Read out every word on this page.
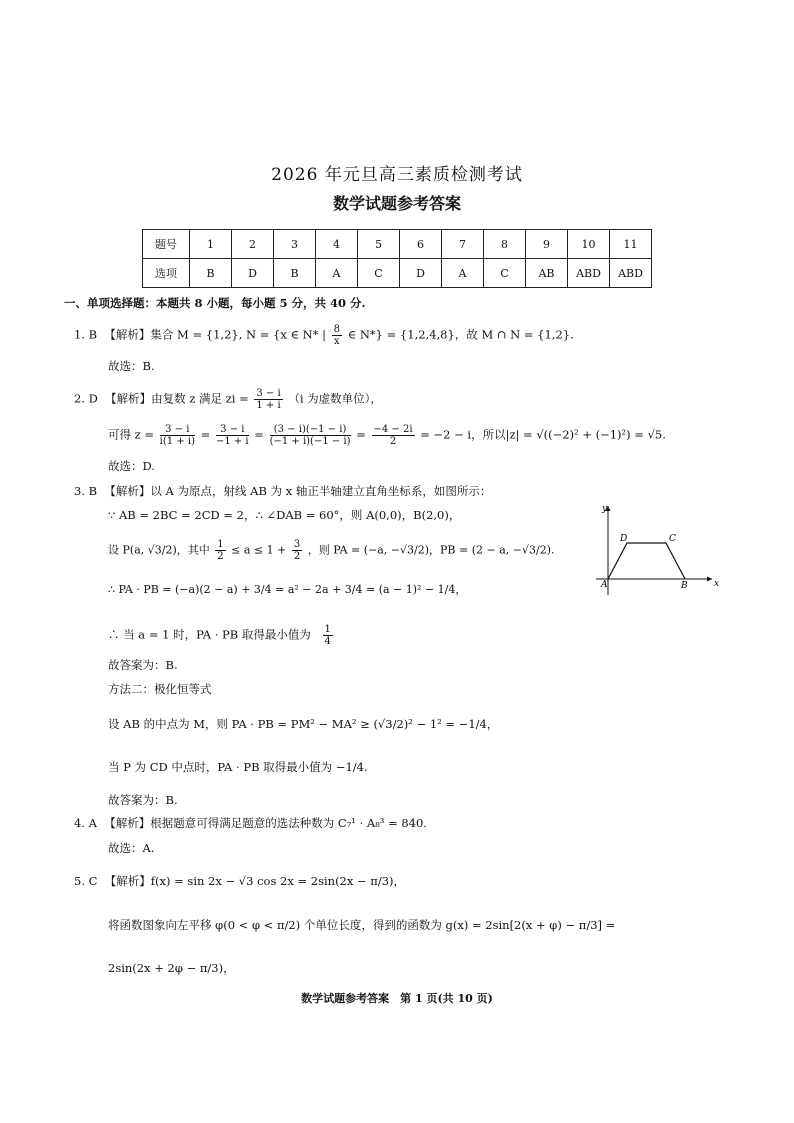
2026 年元旦高三素质检测考试
数学试题参考答案
题号	1	2	3	4	5	6	7	8	9	10	11
选项	B	D	B	A	C	D	A	C	AB	ABD	ABD
一、单项选择题：本题共 8 小题，每小题 5 分，共 40 分.
1. B 【解析】集合 M = {1,2}, N = {x ∈ N* | $\frac{8}{x}$ ∈ N*} = {1,2,4,8}，故 M ∩ N = {1,2}.
故选：B.
2. D 【解析】由复数 z 满足 zi = $\frac{3 - i}{1 + i} (i$ 为虚数单位），
可得 $z = \frac{3 - i}{i(1 + i)} = \frac{3 - i}{-1 + i} = \frac{(3 - i)(-1 - i)}{(-1 + i)(-1 - i)} = \frac{-4 - 2i}{2} = -2 - i$，所以|z| = √((−2)² + (−1)²) = √5.
故选：D.
3. B 【解析】以 A 为原点，射线 AB 为 x 轴正半轴建立直角坐标系，如图所示：
∵ AB = 2BC = 2CD = 2，∴ ∠DAB = 60°，则 A(0,0)，B(2,0)，
设 P(a, √3/2)，其中 $\frac{1}{2} \le a \le 1 + \frac{3}{2}$ ，则 PA = (−a, −√3/2)，PB = (2 − a, −√3/2).
∴ PA · PB = (−a)(2 − a) + 3/4 = a² − 2a + 3/4 = (a − 1)² − 1/4，
∴ 当 a = 1 时，PA · PB 取得最小值为 $\frac{1}{4}$
故答案为：B.
方法二：极化恒等式
设 AB 的中点为 M，则 PA · PB = PM² − MA² ≥ (√3/2)² − 1² = −1/4，
当 P 为 CD 中点时，PA · PB 取得最小值为 −1/4.
故答案为：B.
x
y
A	B
C
D
4. A 【解析】根据题意可得满足题意的选法种数为 C₇¹ · A₈³ = 840.
故选：A.
5. C 【解析】f(x) = sin 2x − √3 cos 2x = 2sin(2x − π/3)，
将函数图象向左平移 φ(0 < φ < π/2) 个单位长度，得到的函数为 g(x) = 2sin[2(x + φ) − π/3] =
2sin(2x + 2φ − π/3)，
数学试题参考答案　第 1 页(共 10 页)
